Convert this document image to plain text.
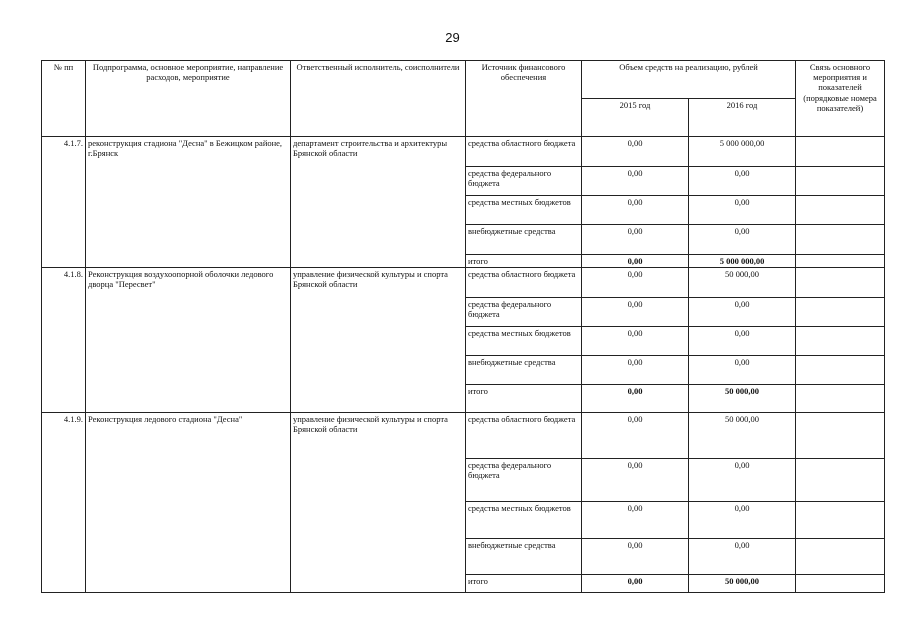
29
№ пп	Подпрограмма, основное мероприятие, направление расходов, мероприятие	Ответственный исполнитель, соисполнители	Источник финансового обеспечения	Объем средств на реализацию, рублей		Связь основного мероприятия и показателей (порядковые номера показателей)
				2015 год	2016 год	
4.1.7.	реконструкция стадиона "Десна" в Бежицком районе, г.Брянск	департамент строительства и архитектуры Брянской области	средства областного бюджета	0,00	5 000 000,00	
			средства федерального бюджета	0,00	0,00	
			средства местных бюджетов	0,00	0,00	
			внебюджетные средства	0,00	0,00	
			итого	0,00	5 000 000,00	
4.1.8.	Реконструкция воздухоопорной оболочки ледового дворца "Пересвет"	управление физической культуры и спорта Брянской области	средства областного бюджета	0,00	50 000,00	
			средства федерального бюджета	0,00	0,00	
			средства местных бюджетов	0,00	0,00	
			внебюджетные средства	0,00	0,00	
			итого	0,00	50 000,00	
4.1.9.	Реконструкция ледового стадиона "Десна"	управление физической культуры и спорта Брянской области	средства областного бюджета	0,00	50 000,00	
			средства федерального бюджета	0,00	0,00	
			средства местных бюджетов	0,00	0,00	
			внебюджетные средства	0,00	0,00	
			итого	0,00	50 000,00	
